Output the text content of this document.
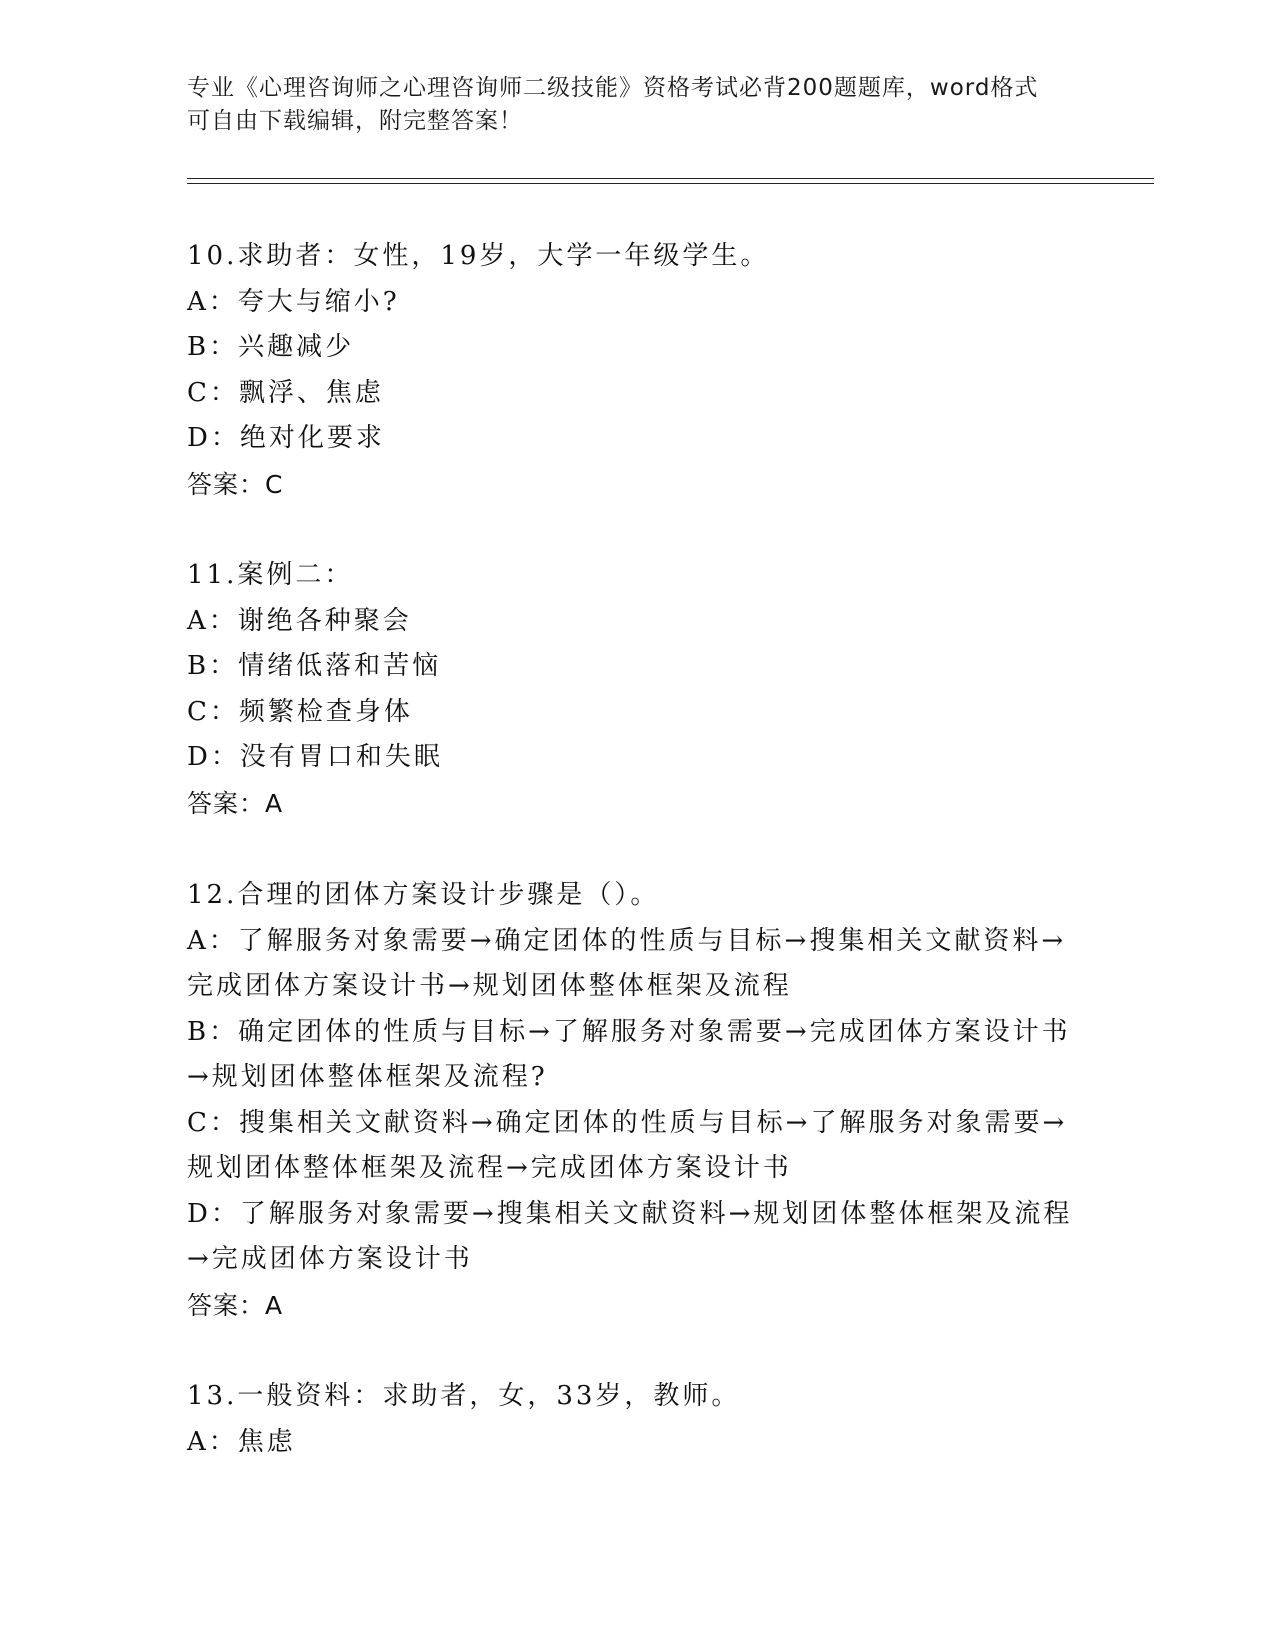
专业《心理咨询师之心理咨询师二级技能》资格考试必背200题题库，word格式
可自由下载编辑，附完整答案！
10.求助者：女性，19岁，大学一年级学生。
A：夸大与缩小?
B：兴趣减少
C：飘浮、焦虑
D：绝对化要求
答案：C
11.案例二：
A：谢绝各种聚会
B：情绪低落和苦恼
C：频繁检查身体
D：没有胃口和失眠
答案：A
12.合理的团体方案设计步骤是（）。
A：了解服务对象需要→确定团体的性质与目标→搜集相关文献资料→
完成团体方案设计书→规划团体整体框架及流程
B：确定团体的性质与目标→了解服务对象需要→完成团体方案设计书
→规划团体整体框架及流程?
C：搜集相关文献资料→确定团体的性质与目标→了解服务对象需要→
规划团体整体框架及流程→完成团体方案设计书
D：了解服务对象需要→搜集相关文献资料→规划团体整体框架及流程
→完成团体方案设计书
答案：A
13.一般资料：求助者，女，33岁，教师。
A：焦虑
